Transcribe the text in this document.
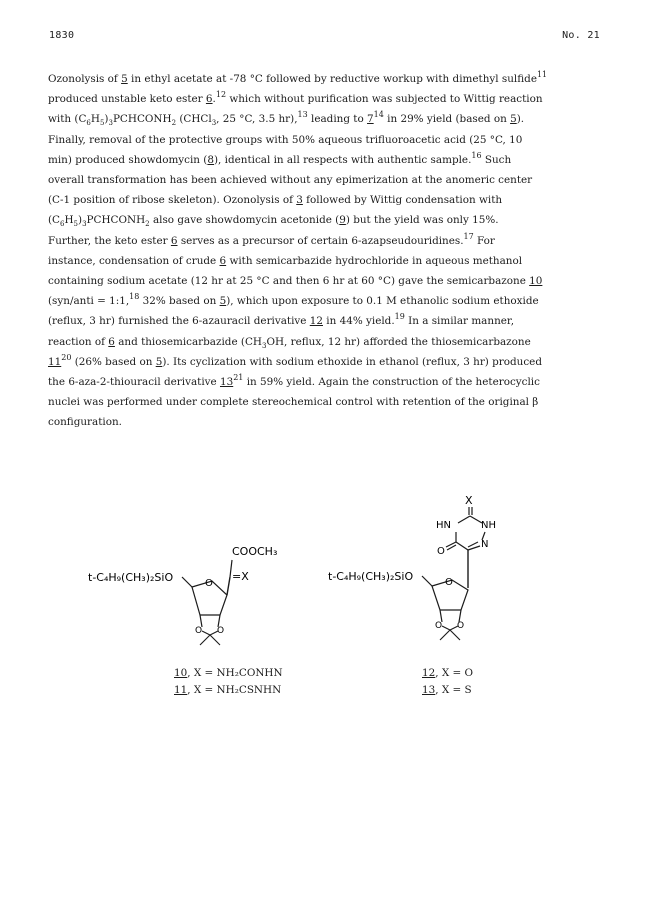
1830	No. 21

Ozonolysis of 5 in ethyl acetate at -78 °C followed by reductive workup with dimethyl sulfide$^{11}$
produced unstable keto ester 6.12 which without purification was subjected to Wittig reaction
with $(C_6H_5)_3PCHCONH_2$ (CHCl$_3$, 25 °C, 3.5 hr),$^{13}$ leading to $7^{14}$ in 29% yield (based on 5).
Finally, removal of the protective groups with 50% aqueous trifluoroacetic acid (25 °C, 10
min) produced showdomycin (8), identical in all respects with authentic sample.$^{16}$ Such
overall transformation has been achieved without any epimerization at the anomeric center
(C-1 position of ribose skeleton). Ozonolysis of 3 followed by Wittig condensation with
$(C_6H_5)_3PCHCONH_2$ also gave showdomycin acetonide (9) but the yield was only 15%.

Further, the keto ester 6 serves as a precursor of certain 6-azapseudouridines.$^{17}$ For
instance, condensation of crude 6 with semicarbazide hydrochloride in aqueous methanol
containing sodium acetate (12 hr at 25 °C and then 6 hr at 60 °C) gave the semicarbazone 10
(syn/anti = 1:1,18 32% based on 5), which upon exposure to 0.1 M ethanolic sodium ethoxide
(reflux, 3 hr) furnished the 6-azauracil derivative 12 in 44% yield.$^{19}$ In a similar manner,
reaction of 6 and thiosemicarbazide ($CH_3OH$, reflux, 12 hr) afforded the thiosemicarbazone
$11^{20}$ (26% based on 5). Its cyclization with sodium ethoxide in ethanol (reflux, 3 hr) produced
the 6-aza-2-thiouracil derivative $13^{21}$ in 59% yield. Again the construction of the heterocyclic
nuclei was performed under complete stereochemical control with retention of the original β
configuration.

t-C₄H₉(CH₃)₂SiO	O
COOCH₃
=X
O O
X
HN	NH
N
O
t-C₄H₉(CH₃)₂SiO	O
O O
10, X = NH₂CONHN
11, X = NH₂CSNHN
12, X = O
13, X = S
